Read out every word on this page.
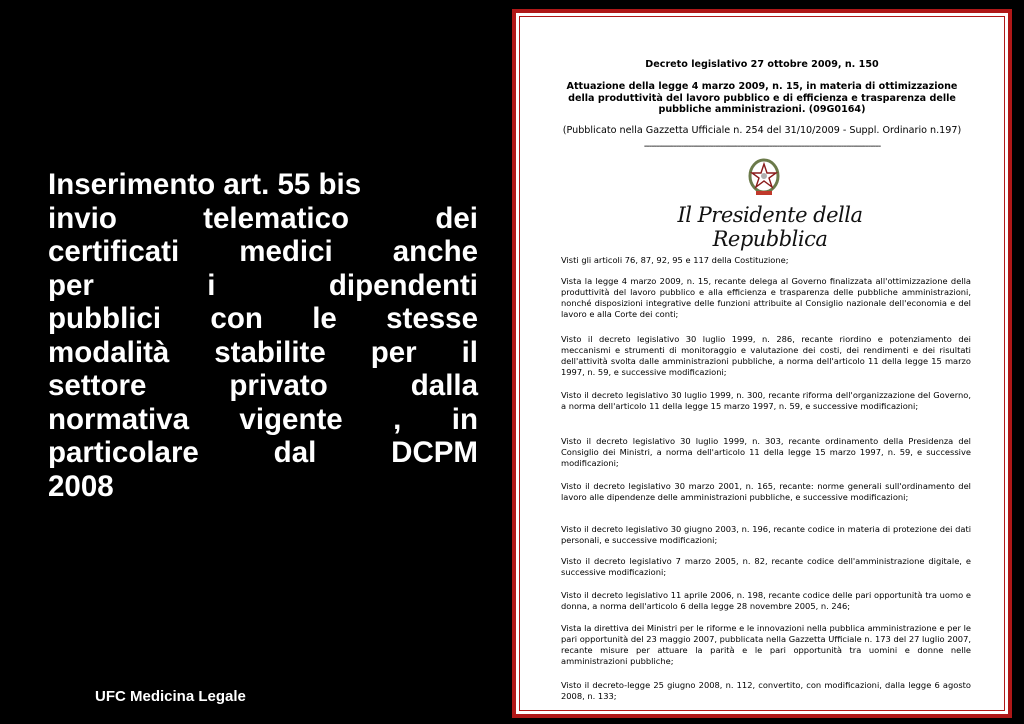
Inserimento art. 55 bis
invio telematico dei
certificati medici anche
per i dipendenti
pubblici con le stesse
modalità stabilite per il
settore privato dalla
normativa vigente , in
particolare dal DCPM
2008
UFC Medicina Legale
Decreto legislativo 27 ottobre 2009, n. 150
Attuazione della legge 4 marzo 2009, n. 15, in materia di ottimizzazione della produttività del lavoro pubblico e di efficienza e trasparenza delle pubbliche amministrazioni. (09G0164)
(Pubblicato nella Gazzetta Ufficiale n. 254 del 31/10/2009 - Suppl. Ordinario n.197)
------------------------------------------------------------------------------------------------
Il Presidente della Repubblica
Visti gli articoli 76, 87, 92, 95 e 117 della Costituzione;
Vista la legge 4 marzo 2009, n. 15, recante delega al Governo finalizzata all'ottimizzazione della produttività del lavoro pubblico e alla efficienza e trasparenza delle pubbliche amministrazioni, nonché disposizioni integrative delle funzioni attribuite al Consiglio nazionale dell'economia e del lavoro e alla Corte dei conti;
Visto il decreto legislativo 30 luglio 1999, n. 286, recante riordino e potenziamento dei meccanismi e strumenti di monitoraggio e valutazione dei costi, dei rendimenti e dei risultati dell'attività svolta dalle amministrazioni pubbliche, a norma dell'articolo 11 della legge 15 marzo 1997, n. 59, e successive modificazioni;
Visto il decreto legislativo 30 luglio 1999, n. 300, recante riforma dell'organizzazione del Governo, a norma dell'articolo 11 della legge 15 marzo 1997, n. 59, e successive modificazioni;
Visto il decreto legislativo 30 luglio 1999, n. 303, recante ordinamento della Presidenza del Consiglio dei Ministri, a norma dell'articolo 11 della legge 15 marzo 1997, n. 59, e successive modificazioni;
Visto il decreto legislativo 30 marzo 2001, n. 165, recante: norme generali sull'ordinamento del lavoro alle dipendenze delle amministrazioni pubbliche, e successive modificazioni;
Visto il decreto legislativo 30 giugno 2003, n. 196, recante codice in materia di protezione dei dati personali, e successive modificazioni;
Visto il decreto legislativo 7 marzo 2005, n. 82, recante codice dell'amministrazione digitale, e successive modificazioni;
Visto il decreto legislativo 11 aprile 2006, n. 198, recante codice delle pari opportunità tra uomo e donna, a norma dell'articolo 6 della legge 28 novembre 2005, n. 246;
Vista la direttiva dei Ministri per le riforme e le innovazioni nella pubblica amministrazione e per le pari opportunità del 23 maggio 2007, pubblicata nella Gazzetta Ufficiale n. 173 del 27 luglio 2007, recante misure per attuare la parità e le pari opportunità tra uomini e donne nelle amministrazioni pubbliche;
Visto il decreto-legge 25 giugno 2008, n. 112, convertito, con modificazioni, dalla legge 6 agosto 2008, n. 133;
